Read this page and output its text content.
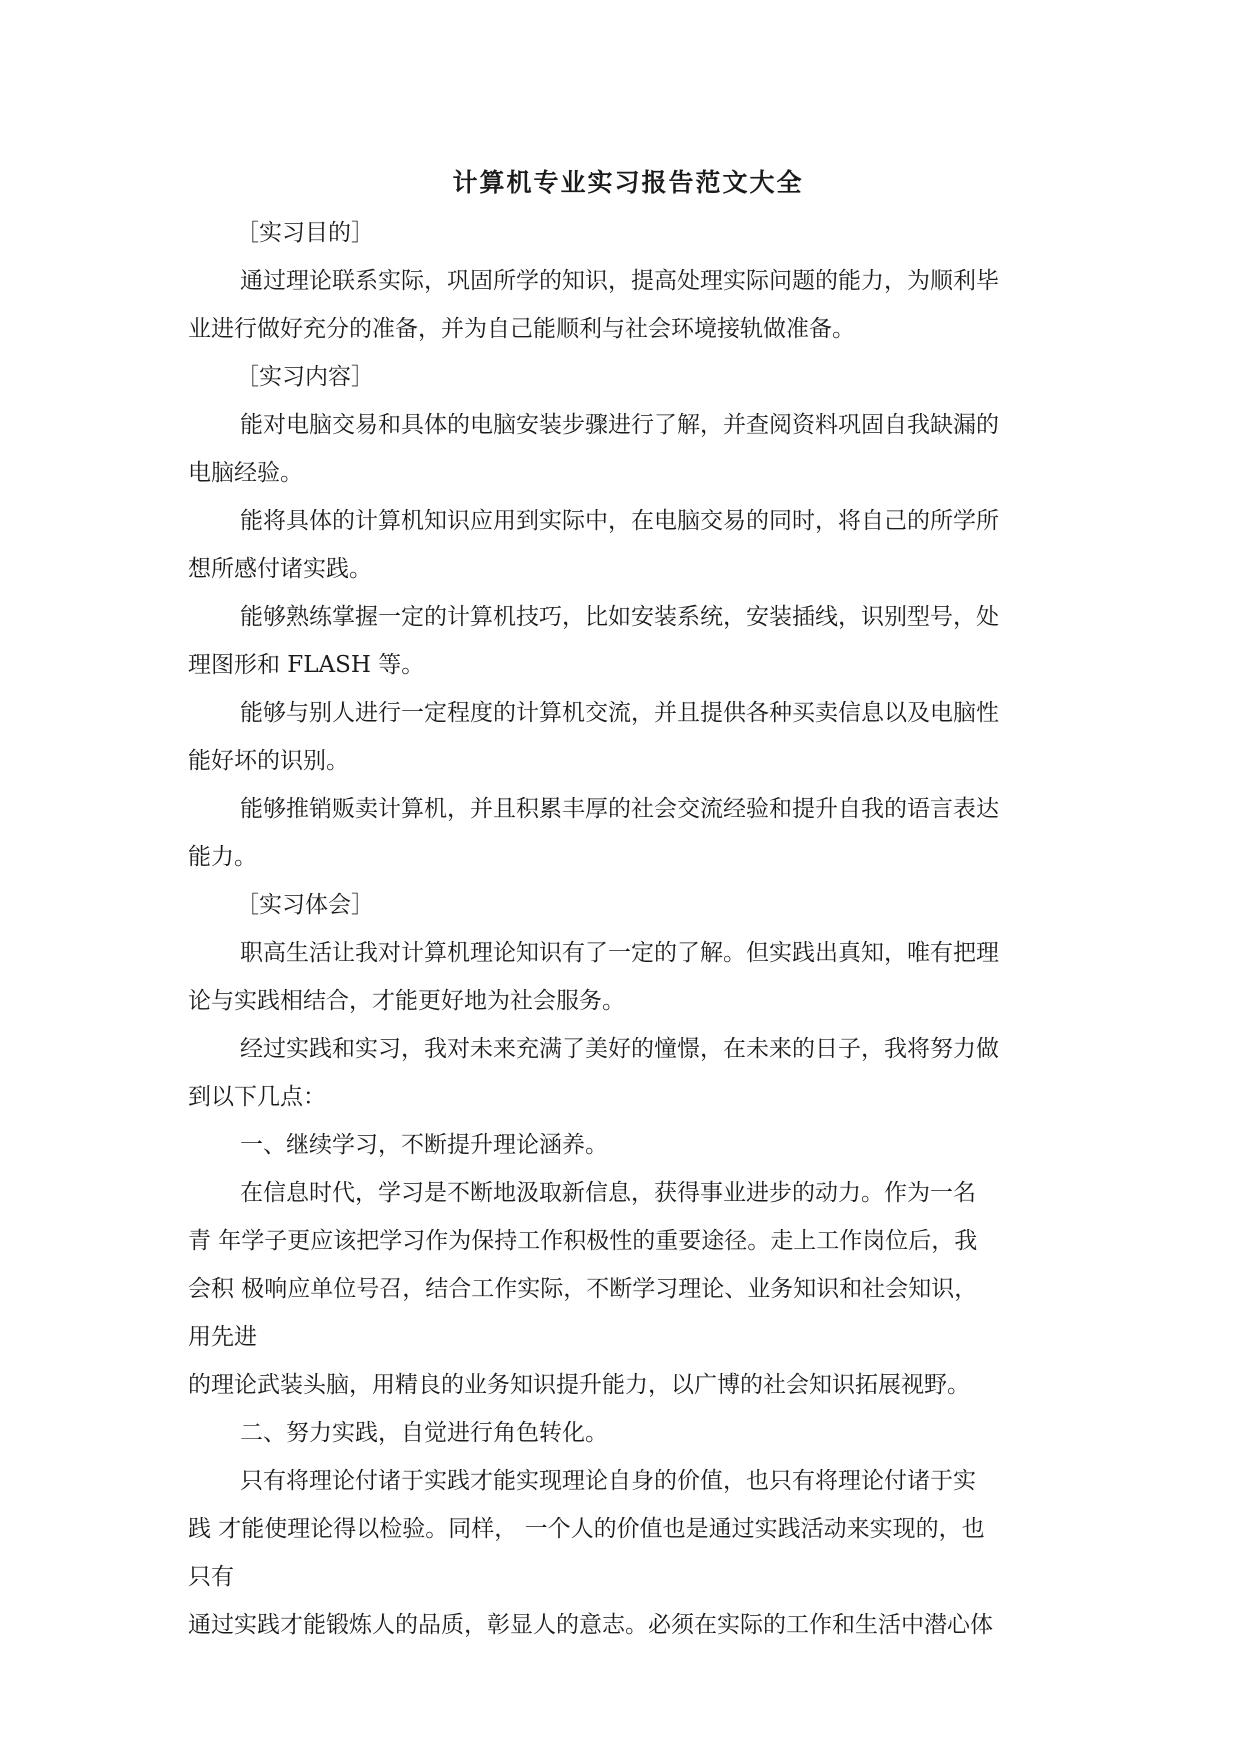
计算机专业实习报告范文大全
［实习目的］
通过理论联系实际，巩固所学的知识，提高处理实际问题的能力，为顺利毕
业进行做好充分的准备，并为自己能顺利与社会环境接轨做准备。
［实习内容］
能对电脑交易和具体的电脑安装步骤进行了解，并查阅资料巩固自我缺漏的
电脑经验。
能将具体的计算机知识应用到实际中，在电脑交易的同时，将自己的所学所
想所感付诸实践。
能够熟练掌握一定的计算机技巧，比如安装系统，安装插线，识别型号，处
理图形和 FLASH 等。
能够与别人进行一定程度的计算机交流，并且提供各种买卖信息以及电脑性
能好坏的识别。
能够推销贩卖计算机，并且积累丰厚的社会交流经验和提升自我的语言表达
能力。
［实习体会］
职高生活让我对计算机理论知识有了一定的了解。但实践出真知，唯有把理
论与实践相结合，才能更好地为社会服务。
经过实践和实习，我对未来充满了美好的憧憬，在未来的日子，我将努力做
到以下几点：
一、继续学习，不断提升理论涵养。
在信息时代，学习是不断地汲取新信息，获得事业进步的动力。作为一名
青 年学子更应该把学习作为保持工作积极性的重要途径。走上工作岗位后，我
会积 极响应单位号召，结合工作实际，不断学习理论、业务知识和社会知识，
用先进
的理论武装头脑，用精良的业务知识提升能力，以广博的社会知识拓展视野。
二、努力实践，自觉进行角色转化。
只有将理论付诸于实践才能实现理论自身的价值，也只有将理论付诸于实
践 才能使理论得以检验。同样， 一个人的价值也是通过实践活动来实现的，也
只有
通过实践才能锻炼人的品质，彰显人的意志。必须在实际的工作和生活中潜心体
